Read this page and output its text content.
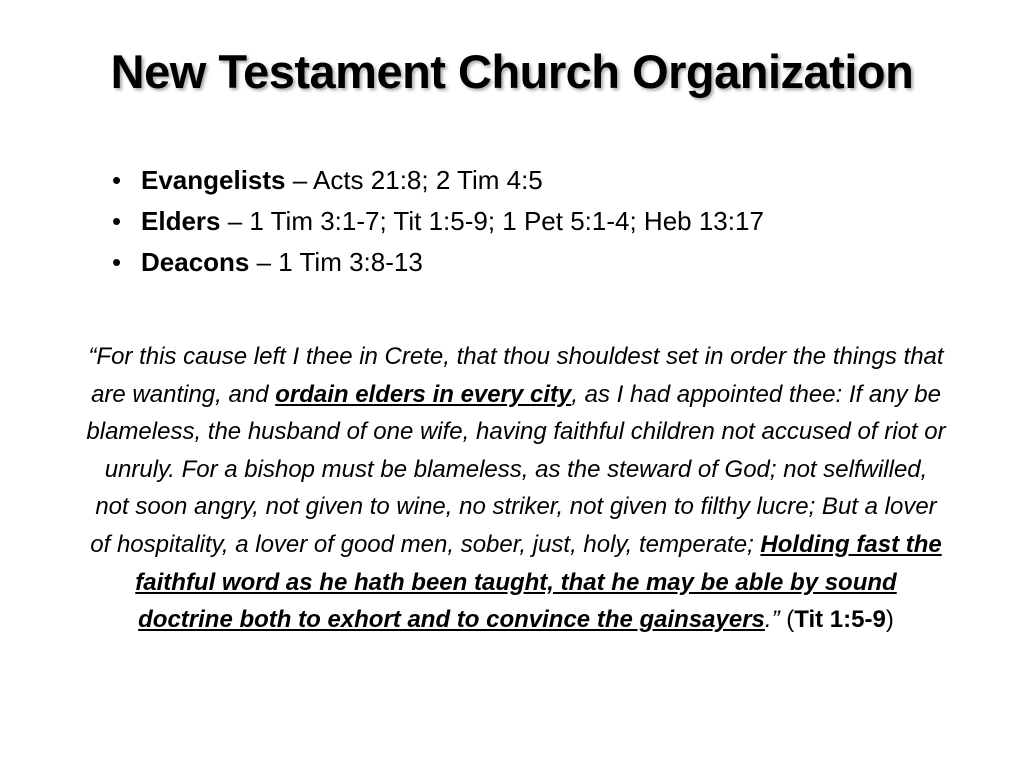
New Testament Church Organization
• Evangelists – Acts 21:8; 2 Tim 4:5
• Elders – 1 Tim 3:1-7; Tit 1:5-9; 1 Pet 5:1-4; Heb 13:17
• Deacons – 1 Tim 3:8-13

“For this cause left I thee in Crete, that thou shouldest set in order the things that are wanting, and ordain elders in every city, as I had appointed thee: If any be blameless, the husband of one wife, having faithful children not accused of riot or unruly. For a bishop must be blameless, as the steward of God; not selfwilled, not soon angry, not given to wine, no striker, not given to filthy lucre; But a lover of hospitality, a lover of good men, sober, just, holy, temperate; Holding fast the faithful word as he hath been taught, that he may be able by sound doctrine both to exhort and to convince the gainsayers.” (Tit 1:5-9)
